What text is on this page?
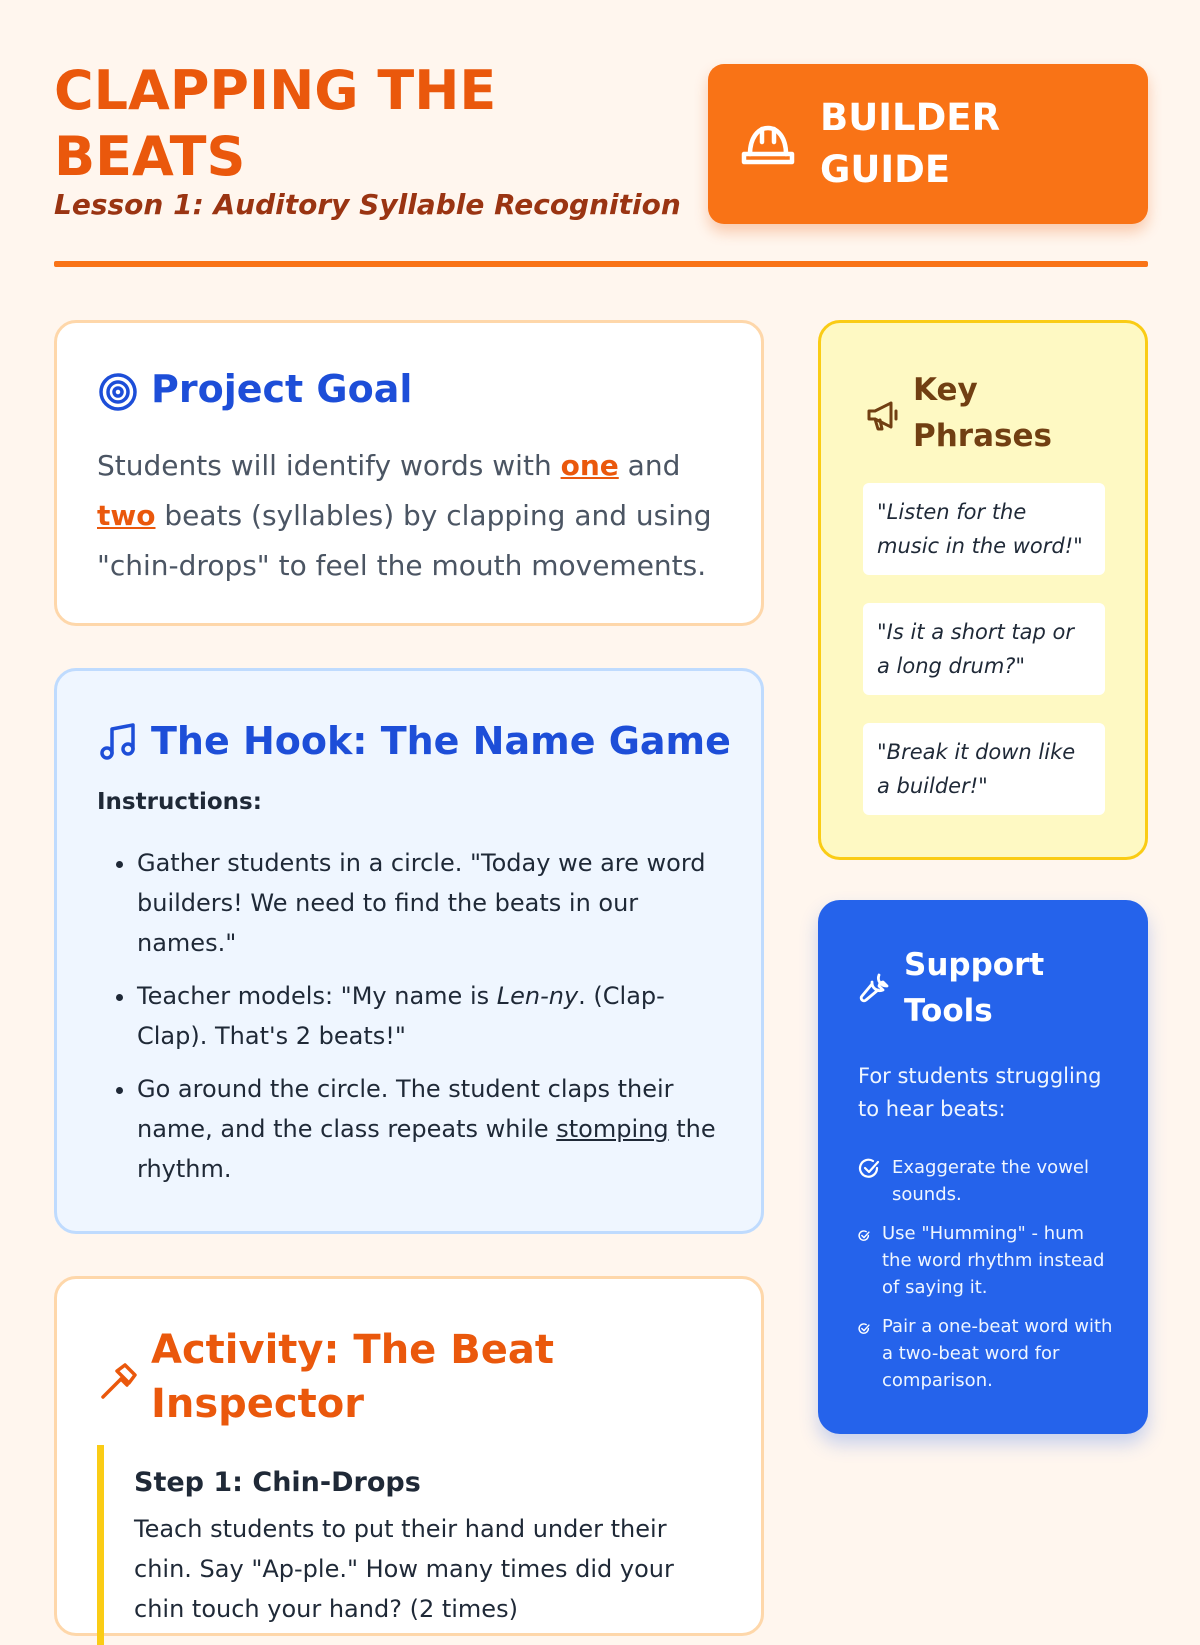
CLAPPING THE BEATS
Lesson 1: Auditory Syllable Recognition
BUILDER GUIDE
Project Goal

Students will identify words with one and two beats (syllables) by clapping and using "chin-drops" to feel the mouth movements.

The Hook: The Name Game
Instructions:
• Gather students in a circle. "Today we are word builders! We need to find the beats in our names."
• Teacher models: "My name is Len-ny. (Clap-Clap). That's 2 beats!"
• Go around the circle. The student claps their name, and the class repeats while stomping the rhythm.
Activity: The Beat Inspector
Step 1: Chin-Drops

Teach students to put their hand under their chin. Say "Ap-ple." How many times did your chin touch your hand? (2 times)

Key Phrases
"Listen for the music in the word!"
"Is it a short tap or a long drum?"
"Break it down like a builder!"
Support Tools
For students struggling to hear beats:
Exaggerate the vowel sounds.
Use "Humming" - hum the word rhythm instead of saying it.
Pair a one-beat word with a two-beat word for comparison.
